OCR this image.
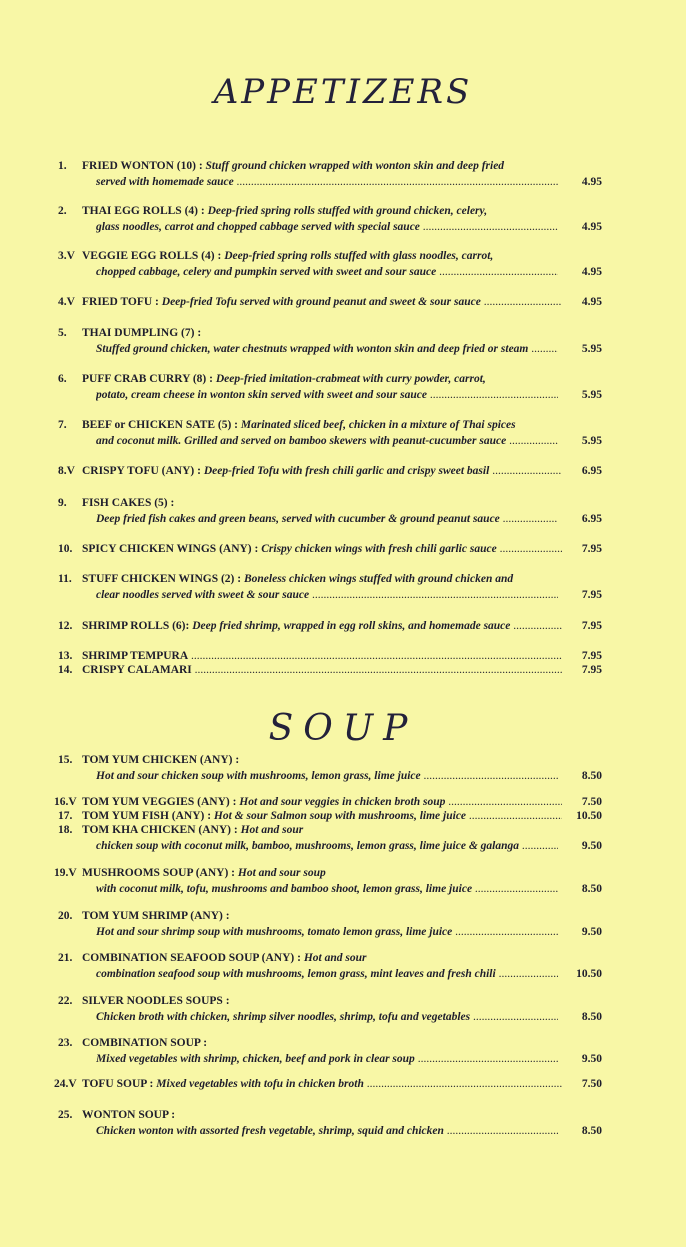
APPETIZERS
SOUP
1. FRIED WONTON (10) : Stuff ground chicken wrapped with wonton skin and deep fried
served with homemade sauce .....	4.95
2. THAI EGG ROLLS (4) : Deep-fried spring rolls stuffed with ground chicken, celery,
glass noodles, carrot and chopped cabbage served with special sauce .....	4.95
3.V VEGGIE EGG ROLLS (4) : Deep-fried spring rolls stuffed with glass noodles, carrot,
chopped cabbage, celery and pumpkin served with sweet and sour sauce .....	4.95
4.V FRIED TOFU : Deep-fried Tofu served with ground peanut and sweet & sour sauce .....	4.95
5. THAI DUMPLING (7) :
Stuffed ground chicken, water chestnuts wrapped with wonton skin and deep fried or steam .....	5.95
6. PUFF CRAB CURRY (8) : Deep-fried imitation-crabmeat with curry powder, carrot,
potato, cream cheese in wonton skin served with sweet and sour sauce .....	5.95
7. BEEF or CHICKEN SATE (5) : Marinated sliced beef, chicken in a mixture of Thai spices
and coconut milk. Grilled and served on bamboo skewers with peanut-cucumber sauce .....	5.95
8.V CRISPY TOFU (ANY) : Deep-fried Tofu with fresh chili garlic and crispy sweet basil .....	6.95
9. FISH CAKES (5) :
Deep fried fish cakes and green beans, served with cucumber & ground peanut sauce .....	6.95
10. SPICY CHICKEN WINGS (ANY) : Crispy chicken wings with fresh chili garlic sauce .....	7.95
11. STUFF CHICKEN WINGS (2) : Boneless chicken wings stuffed with ground chicken and
clear noodles served with sweet & sour sauce .....	7.95
12. SHRIMP ROLLS (6): Deep fried shrimp, wrapped in egg roll skins, and homemade sauce .....	7.95
13. SHRIMP TEMPURA .....	7.95
14. CRISPY CALAMARI .....	7.95
15. TOM YUM CHICKEN (ANY) :
Hot and sour chicken soup with mushrooms, lemon grass, lime juice .....	8.50
16.V TOM YUM VEGGIES (ANY) : Hot and sour veggies in chicken broth soup .....	7.50
17. TOM YUM FISH (ANY) : Hot & sour Salmon soup with mushrooms, lime juice .....	10.50
18. TOM KHA CHICKEN (ANY) : Hot and sour
chicken soup with coconut milk, bamboo, mushrooms, lemon grass, lime juice & galanga .....	9.50
19.V MUSHROOMS SOUP (ANY) : Hot and sour soup
with coconut milk, tofu, mushrooms and bamboo shoot, lemon grass, lime juice .....	8.50
20. TOM YUM SHRIMP (ANY) :
Hot and sour shrimp soup with mushrooms, tomato lemon grass, lime juice .....	9.50
21. COMBINATION SEAFOOD SOUP (ANY) : Hot and sour
combination seafood soup with mushrooms, lemon grass, mint leaves and fresh chili .....	10.50
22. SILVER NOODLES SOUPS :
Chicken broth with chicken, shrimp silver noodles, shrimp, tofu and vegetables .....	8.50
23. COMBINATION SOUP :
Mixed vegetables with shrimp, chicken, beef and pork in clear soup .....	9.50
24.V TOFU SOUP : Mixed vegetables with tofu in chicken broth .....	7.50
25. WONTON SOUP :
Chicken wonton with assorted fresh vegetable, shrimp, squid and chicken .....	8.50
